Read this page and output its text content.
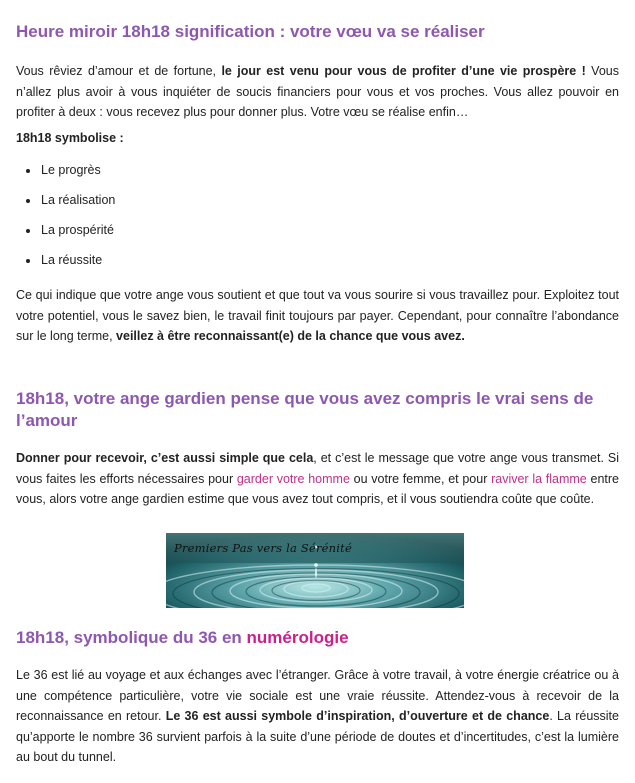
Heure miroir 18h18 signification : votre vœu va se réaliser

Vous rêviez d’amour et de fortune, le jour est venu pour vous de profiter d’une vie prospère ! Vous n’allez plus avoir à vous inquiéter de soucis financiers pour vous et vos proches. Vous allez pouvoir en profiter à deux : vous recevez plus pour donner plus. Votre vœu se réalise enfin…

18h18 symbolise :

• Le progrès
• La réalisation
• La prospérité
• La réussite

Ce qui indique que votre ange vous soutient et que tout va vous sourire si vous travaillez pour. Exploitez tout votre potentiel, vous le savez bien, le travail finit toujours par payer. Cependant, pour connaître l’abondance sur le long terme, veillez à être reconnaissant(e) de la chance que vous avez.

18h18, votre ange gardien pense que vous avez compris le vrai sens de l’amour

Donner pour recevoir, c’est aussi simple que cela, et c’est le message que votre ange vous transmet. Si vous faites les efforts nécessaires pour garder votre homme ou votre femme, et pour raviver la flamme entre vous, alors votre ange gardien estime que vous avez tout compris, et il vous soutiendra coûte que coûte.

Premiers Pas vers la Sérénité
18h18, symbolique du 36 en numérologie

Le 36 est lié au voyage et aux échanges avec l’étranger. Grâce à votre travail, à votre énergie créatrice ou à une compétence particulière, votre vie sociale est une vraie réussite. Attendez-vous à recevoir de la reconnaissance en retour. Le 36 est aussi symbole d’inspiration, d’ouverture et de chance. La réussite qu’apporte le nombre 36 survient parfois à la suite d’une période de doutes et d’incertitudes, c’est la lumière au bout du tunnel.
